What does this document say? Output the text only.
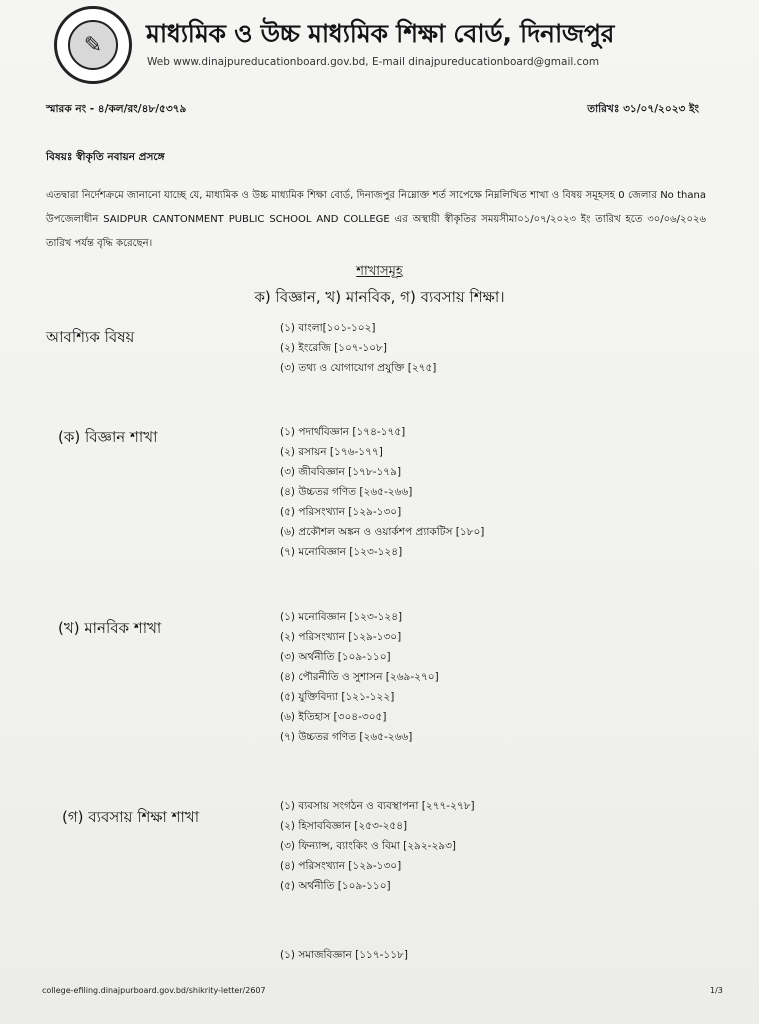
✎	মাধ্যমিক ও উচ্চ মাধ্যমিক শিক্ষা বোর্ড, দিনাজপুর
Web www.dinajpureducationboard.gov.bd, E-mail dinajpureducationboard@gmail.com
স্মারক নং - ৪/কল/রং/৪৮/৫৩৭৯	তারিখঃ ৩১/০৭/২০২৩ ইং
বিষয়ঃ স্বীকৃতি নবায়ন প্রসঙ্গে
এতদ্বারা নির্দেশক্রমে জানানো যাচ্ছে যে, মাধ্যমিক ও উচ্চ মাধ্যমিক শিক্ষা বোর্ড, দিনাজপুর নিম্নোক্ত শর্ত সাপেক্ষে নিম্নলিখিত শাখা ও বিষয় সমূহসহ 0 জেলার No thana উপজেলাধীন SAIDPUR CANTONMENT PUBLIC SCHOOL AND COLLEGE এর অস্থায়ী স্বীকৃতির সময়সীমা০১/০৭/২০২৩ ইং তারিখ হতে ৩০/০৬/২০২৬ তারিখ পর্যন্ত বৃদ্ধি করেছেন।
শাখাসমূহ
ক) বিজ্ঞান, খ) মানবিক, গ) ব্যবসায় শিক্ষা।
আবশ্যিক বিষয়	(১) বাংলা[১০১-১০২]
(২) ইংরেজি [১০৭-১০৮]
(৩) তথ্য ও যোগাযোগ প্রযুক্তি [২৭৫]
(ক) বিজ্ঞান শাখা	(১) পদার্থবিজ্ঞান [১৭৪-১৭৫]
(২) রসায়ন [১৭৬-১৭৭]
(৩) জীববিজ্ঞান [১৭৮-১৭৯]
(৪) উচ্চতর গণিত [২৬৫-২৬৬]
(৫) পরিসংখ্যান [১২৯-১৩০]
(৬) প্রকৌশল অঙ্কন ও ওয়ার্কশপ প্র্যাকটিস [১৮০]
(৭) মনোবিজ্ঞান [১২৩-১২৪]
(খ) মানবিক শাখা
(১) মনোবিজ্ঞান [১২৩-১২৪]
(২) পরিসংখ্যান [১২৯-১৩০]
(৩) অর্থনীতি [১০৯-১১০]
(৪) পৌরনীতি ও সুশাসন [২৬৯-২৭০]
(৫) যুক্তিবিদ্যা [১২১-১২২]
(৬) ইতিহাস [৩০৪-৩০৫]
(৭) উচ্চতর গণিত [২৬৫-২৬৬]
(গ) ব্যবসায় শিক্ষা শাখা
(১) ব্যবসায় সংগঠন ও ব্যবস্থাপনা [২৭৭-২৭৮]
(২) হিসাববিজ্ঞান [২৫৩-২৫৪]
(৩) ফিন্যান্স, ব্যাংকিং ও বিমা [২৯২-২৯৩]
(৪) পরিসংখ্যান [১২৯-১৩০]
(৫) অর্থনীতি [১০৯-১১০]
(১) সমাজবিজ্ঞান [১১৭-১১৮]
college-efiling.dinajpurboard.gov.bd/shikrity-letter/2607	1/3
